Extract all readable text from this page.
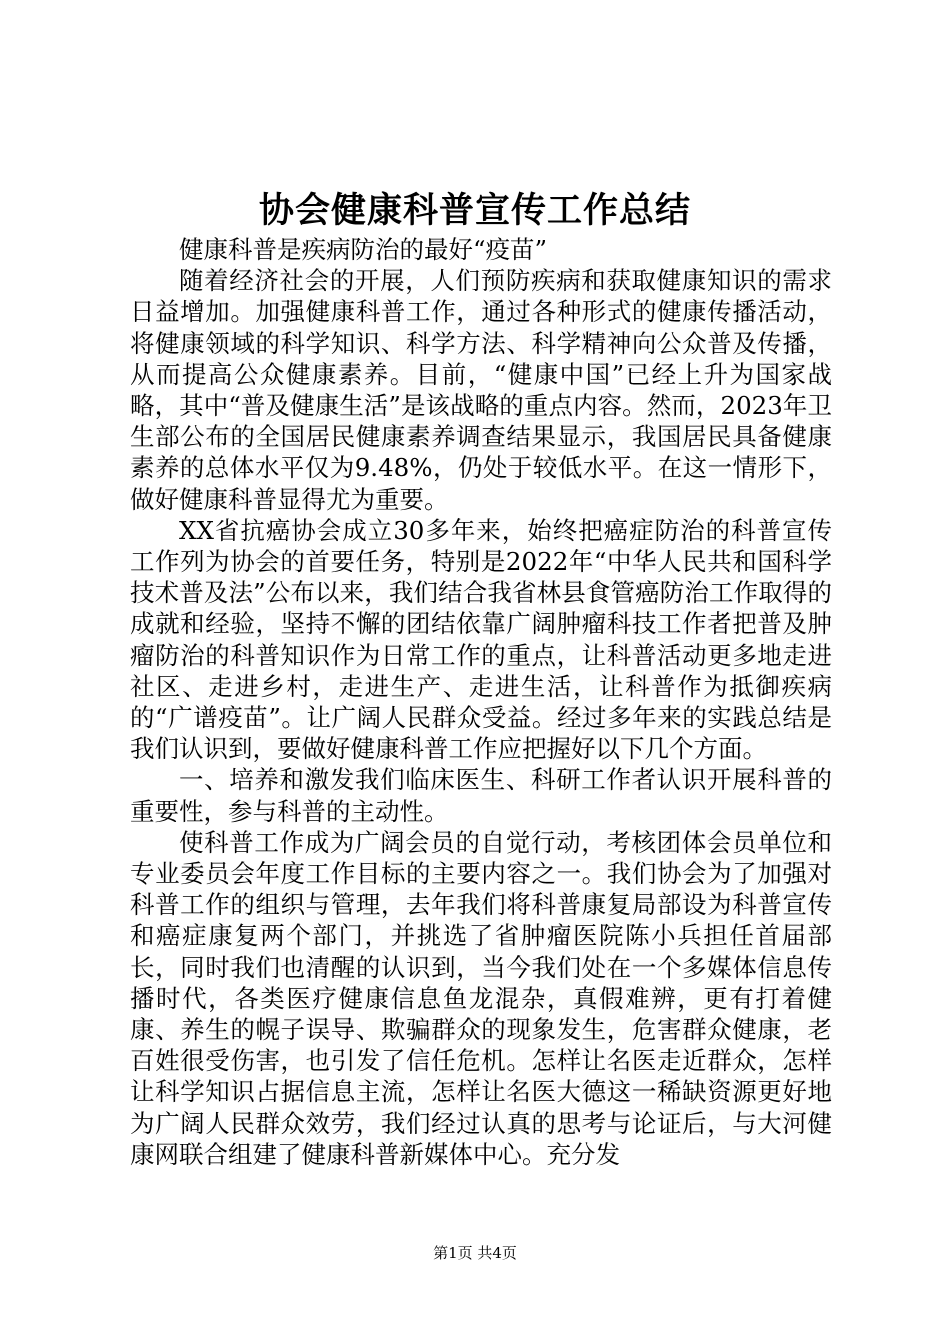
协会健康科普宣传工作总结

健康科普是疾病防治的最好“疫苗”

随着经济社会的开展，人们预防疾病和获取健康知识的需求日益增加。加强健康科普工作，通过各种形式的健康传播活动，将健康领域的科学知识、科学方法、科学精神向公众普及传播，从而提高公众健康素养。目前，“健康中国”已经上升为国家战略，其中“普及健康生活”是该战略的重点内容。然而，2023年卫生部公布的全国居民健康素养调查结果显示，我国居民具备健康素养的总体水平仅为9.48%，仍处于较低水平。在这一情形下，做好健康科普显得尤为重要。

XX省抗癌协会成立30多年来，始终把癌症防治的科普宣传工作列为协会的首要任务，特别是2022年“中华人民共和国科学技术普及法”公布以来，我们结合我省林县食管癌防治工作取得的成就和经验，坚持不懈的团结依靠广阔肿瘤科技工作者把普及肿瘤防治的科普知识作为日常工作的重点，让科普活动更多地走进社区、走进乡村，走进生产、走进生活，让科普作为抵御疾病的“广谱疫苗”。让广阔人民群众受益。经过多年来的实践总结是我们认识到，要做好健康科普工作应把握好以下几个方面。

一、培养和激发我们临床医生、科研工作者认识开展科普的重要性，参与科普的主动性。

使科普工作成为广阔会员的自觉行动，考核团体会员单位和专业委员会年度工作目标的主要内容之一。我们协会为了加强对科普工作的组织与管理，去年我们将科普康复局部设为科普宣传和癌症康复两个部门，并挑选了省肿瘤医院陈小兵担任首届部长，同时我们也清醒的认识到，当今我们处在一个多媒体信息传播时代，各类医疗健康信息鱼龙混杂，真假难辨，更有打着健康、养生的幌子误导、欺骗群众的现象发生，危害群众健康，老百姓很受伤害，也引发了信任危机。怎样让名医走近群众，怎样让科学知识占据信息主流，怎样让名医大德这一稀缺资源更好地为广阔人民群众效劳，我们经过认真的思考与论证后，与大河健康网联合组建了健康科普新媒体中心。充分发

第1页 共4页
